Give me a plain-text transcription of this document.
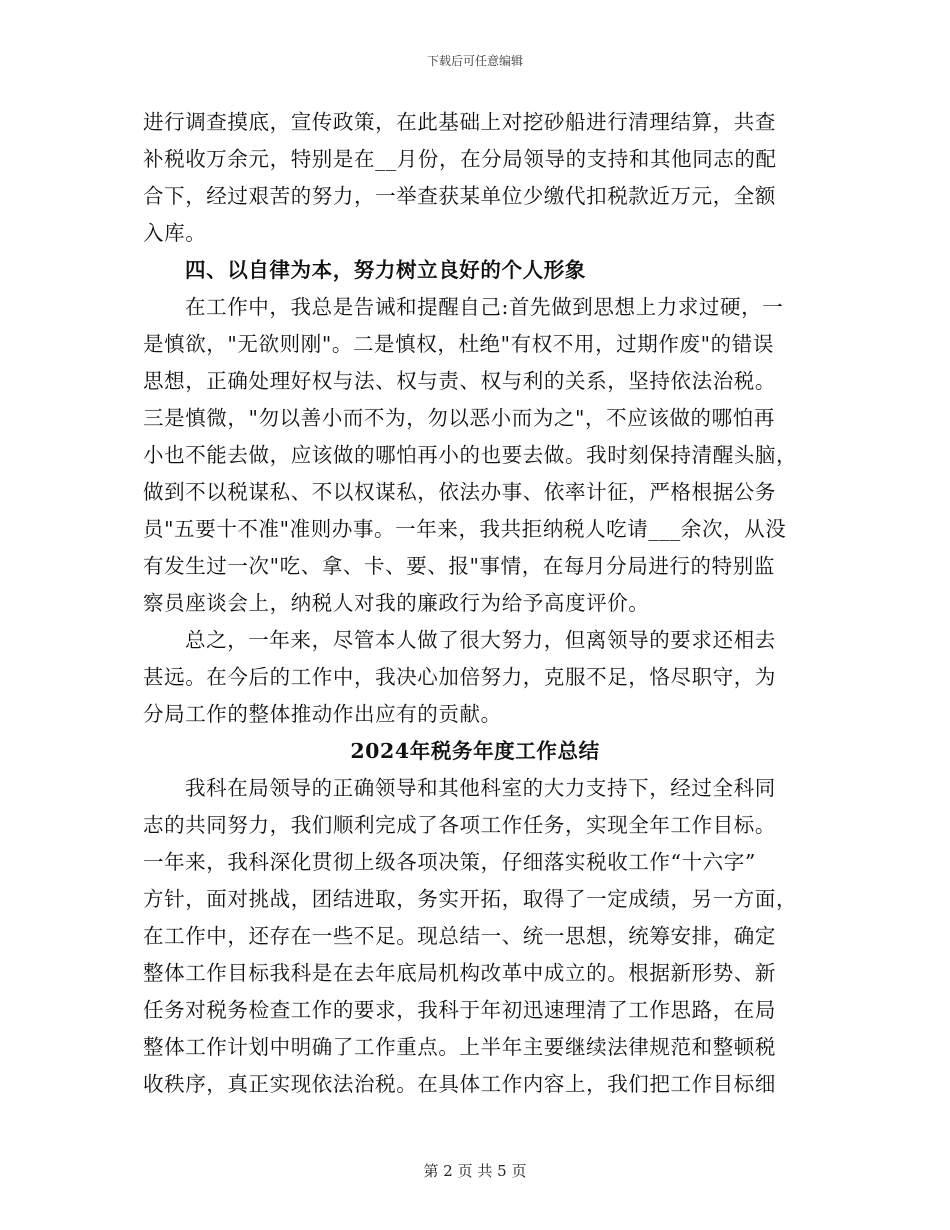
下载后可任意编辑
进行调查摸底，宣传政策，在此基础上对挖砂船进行清理结算，共查
补税收万余元，特别是在__月份，在分局领导的支持和其他同志的配
合下，经过艰苦的努力，一举查获某单位少缴代扣税款近万元，全额
入库。
四、以自律为本，努力树立良好的个人形象
在工作中，我总是告诫和提醒自己:首先做到思想上力求过硬，一
是慎欲，"无欲则刚"。二是慎权，杜绝"有权不用，过期作废"的错误
思想，正确处理好权与法、权与责、权与利的关系，坚持依法治税。
三是慎微，"勿以善小而不为，勿以恶小而为之"，不应该做的哪怕再
小也不能去做，应该做的哪怕再小的也要去做。我时刻保持清醒头脑，
做到不以税谋私、不以权谋私，依法办事、依率计征，严格根据公务
员"五要十不准"准则办事。一年来，我共拒纳税人吃请___余次，从没
有发生过一次"吃、拿、卡、要、报"事情，在每月分局进行的特别监
察员座谈会上，纳税人对我的廉政行为给予高度评价。
总之，一年来，尽管本人做了很大努力，但离领导的要求还相去
甚远。在今后的工作中，我决心加倍努力，克服不足，恪尽职守，为
分局工作的整体推动作出应有的贡献。
2024年税务年度工作总结
我科在局领导的正确领导和其他科室的大力支持下，经过全科同
志的共同努力，我们顺利完成了各项工作任务，实现全年工作目标。
一年来，我科深化贯彻上级各项决策，仔细落实税收工作“十六字”
方针，面对挑战，团结进取，务实开拓，取得了一定成绩，另一方面，
在工作中，还存在一些不足。现总结一、统一思想，统筹安排，确定
整体工作目标我科是在去年底局机构改革中成立的。根据新形势、新
任务对税务检查工作的要求，我科于年初迅速理清了工作思路，在局
整体工作计划中明确了工作重点。上半年主要继续法律规范和整顿税
收秩序，真正实现依法治税。在具体工作内容上，我们把工作目标细
第 2 页 共 5 页
